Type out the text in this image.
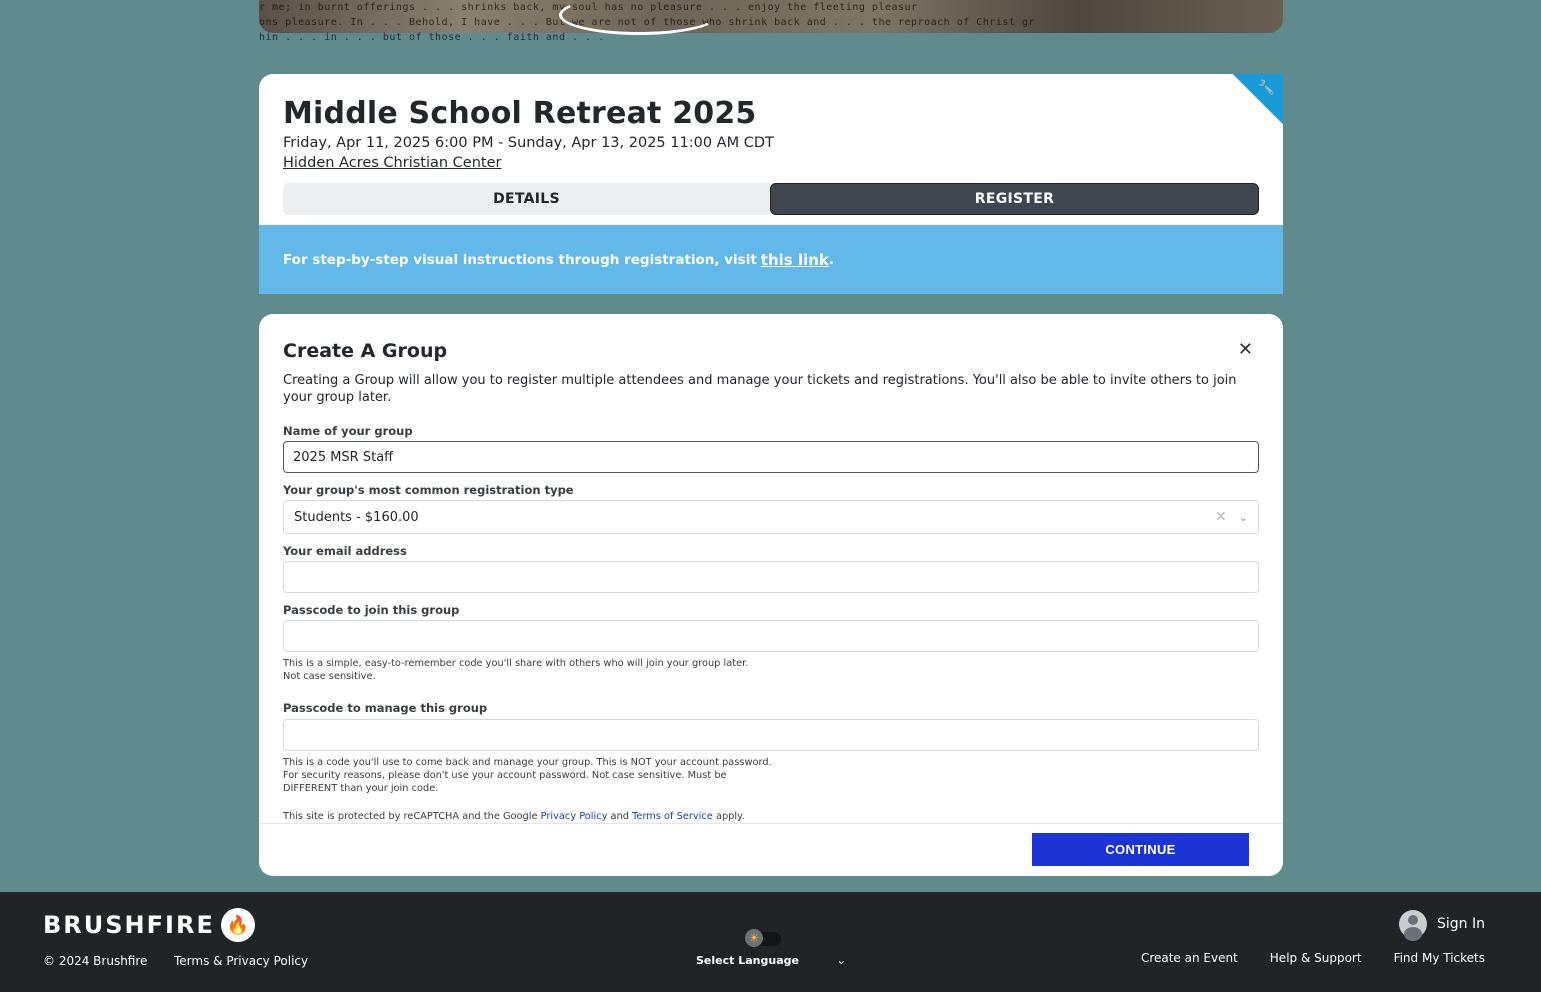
r me; in burnt offerings . . . shrinks back, my soul has no pleasure . . . enjoy the fleeting pleasur
ons pleasure. In . . . Behold, I have . . . But we are not of those who shrink back and . . . the reproach of Christ gr
hin . . . in . . . but of those . . . faith and . . .
🔧
Middle School Retreat 2025
Friday, Apr 11, 2025 6:00 PM - Sunday, Apr 13, 2025 11:00 AM CDT
Hidden Acres Christian Center
DETAILS	REGISTER
For step-by-step visual instructions through registration, visit this link .
Create A Group	✕

Creating a Group will allow you to register multiple attendees and manage your tickets and registrations. You'll also be able to invite others to join your group later.

Name of your group
2025 MSR Staff
Your group's most common registration type
Students - $160.00	✕ ⌄
Your email address
Passcode to join this group

This is a simple, easy-to-remember code you'll share with others who will join your group later. Not case sensitive.

Passcode to manage this group

This is a code you'll use to come back and manage your group. This is NOT your account password. For security reasons, please don't use your account password. Not case sensitive. Must be DIFFERENT than your join code.

This site is protected by reCAPTCHA and the Google Privacy Policy and Terms of Service apply.

CONTINUE
BRUSHFIRE 🔥
© 2024 Brushfire Terms & Privacy Policy
☀
Select Language	⌄
Sign In
Create an Event	Help & Support	Find My Tickets
